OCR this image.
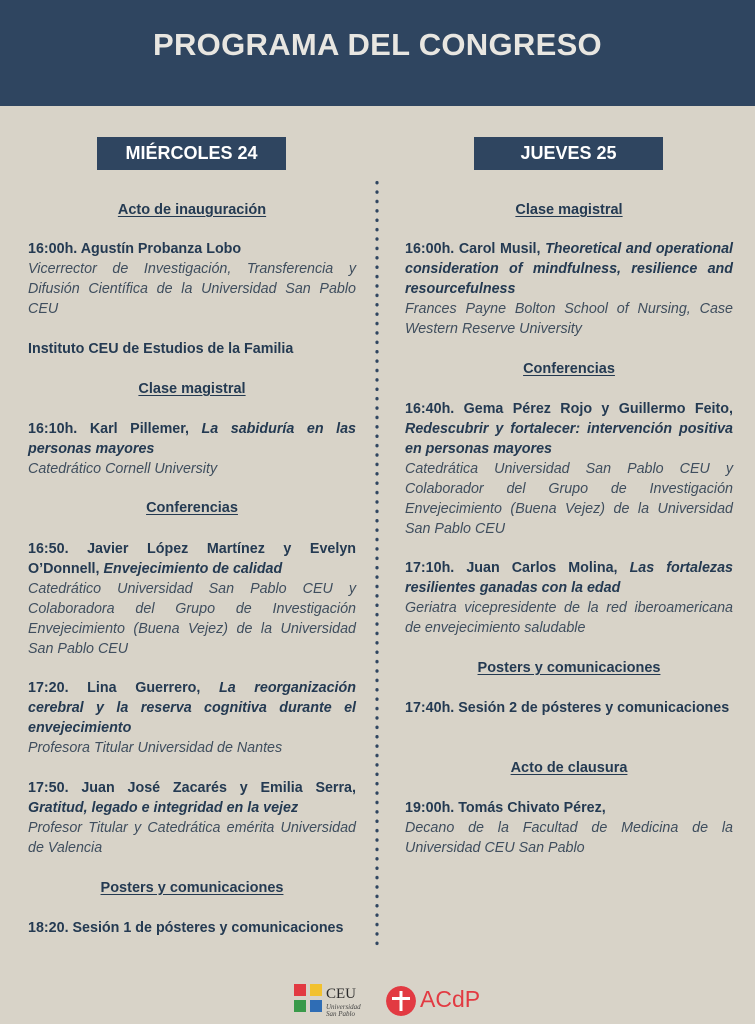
PROGRAMA DEL CONGRESO
MIÉRCOLES 24	JUEVES 25
Acto de inauguración
16:00h. Agustín Probanza Lobo
Vicerrector de Investigación, Transferencia y Difusión Científica de la Universidad San Pablo CEU
Instituto CEU de Estudios de la Familia
Clase magistral
16:10h. Karl Pillemer, La sabiduría en las personas mayores
Catedrático Cornell University
Conferencias
16:50. Javier López Martínez y Evelyn O’Donnell, Envejecimiento de calidad
Catedrático Universidad San Pablo CEU y Colaboradora del Grupo de Investigación Envejecimiento (Buena Vejez) de la Universidad San Pablo CEU
17:20. Lina Guerrero, La reorganización cerebral y la reserva cognitiva durante el envejecimiento
Profesora Titular Universidad de Nantes
17:50. Juan José Zacarés y Emilia Serra, Gratitud, legado e integridad en la vejez
Profesor Titular y Catedrática emérita Universidad de Valencia
Posters y comunicaciones
18:20. Sesión 1 de pósteres y comunicaciones
Clase magistral
16:00h. Carol Musil, Theoretical and operational consideration of mindfulness, resilience and resourcefulness
Frances Payne Bolton School of Nursing, Case Western Reserve University
Conferencias
16:40h. Gema Pérez Rojo y Guillermo Feito, Redescubrir y fortalecer: intervención positiva en personas mayores
Catedrática Universidad San Pablo CEU y Colaborador del Grupo de Investigación Envejecimiento (Buena Vejez) de la Universidad San Pablo CEU
17:10h. Juan Carlos Molina, Las fortalezas resilientes ganadas con la edad
Geriatra vicepresidente de la red iberoamericana de envejecimiento saludable
Posters y comunicaciones
17:40h. Sesión 2 de pósteres y comunicaciones
Acto de clausura
19:00h. Tomás Chivato Pérez,
Decano de la Facultad de Medicina de la Universidad CEU San Pablo
CEU
Universidad
San Pablo
ACdP
